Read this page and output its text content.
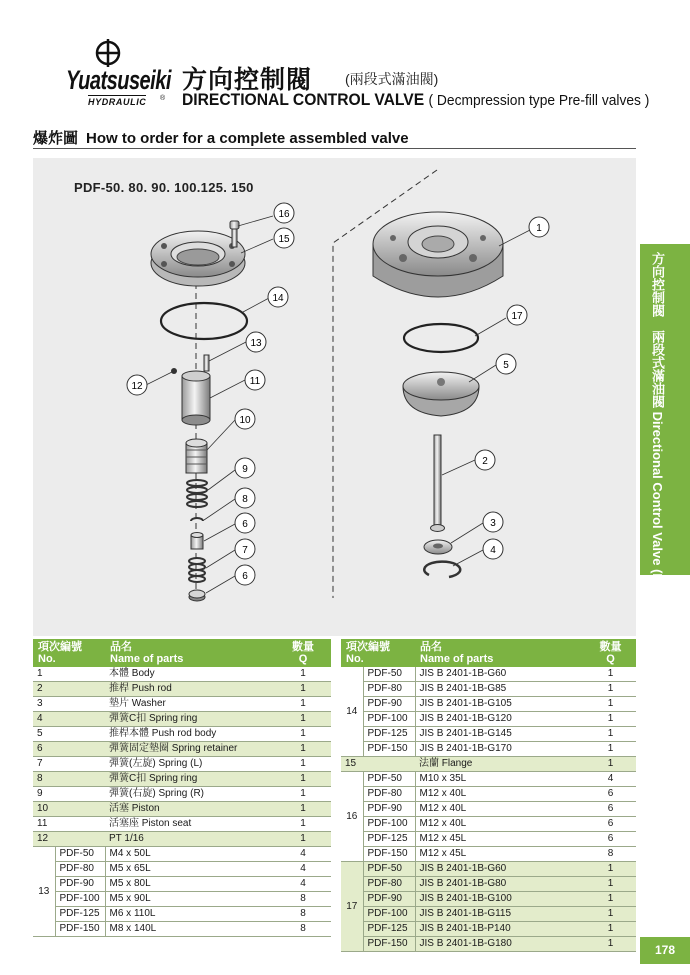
Yuatsuseiki
HYDRAULIC ®
方向控制閥 (兩段式滿油閥)
DIRECTIONAL CONTROL VALVE ( Decmpression type Pre-fill valves )
爆炸圖 How to order for a complete assembled valve
PDF-50. 80. 90. 100.125. 150
16
15
14
13
12	11
10
9
8
6
7
6
1
17
5
2
3
4	方向控制閥　兩段式滿油閥 Directional Control Valve (Decmpression type Pre-fill valves)
項次編號
No.		品名
Name of parts	數量
Q

1		本體 Body	1
2		推桿 Push rod	1
3		墊片 Washer	1
4		彈簧C扣 Spring ring	1
5		推桿本體 Push rod body	1
6		彈簧固定墊圈 Spring retainer	1
7		彈簧(左旋) Spring (L)	1
8		彈簧C扣 Spring ring	1
9		彈簧(右旋) Spring (R)	1
10		活塞 Piston	1
11		活塞座 Piston seat	1
12		PT 1/16	1
13	PDF-50	M4 x 50L	4
	PDF-80	M5 x 65L	4
	PDF-90	M5 x 80L	4
	PDF-100	M5 x 90L	8
	PDF-125	M6 x 110L	8
	PDF-150	M8 x 140L	8
項次編號
No.		品名
Name of parts	數量
Q

14	PDF-50	JIS B 2401-1B-G60	1
	PDF-80	JIS B 2401-1B-G85	1
	PDF-90	JIS B 2401-1B-G105	1
	PDF-100	JIS B 2401-1B-G120	1
	PDF-125	JIS B 2401-1B-G145	1
	PDF-150	JIS B 2401-1B-G170	1
15		法蘭 Flange	1
16	PDF-50	M10 x 35L	4
	PDF-80	M12 x 40L	6
	PDF-90	M12 x 40L	6
	PDF-100	M12 x 40L	6
	PDF-125	M12 x 45L	6
	PDF-150	M12 x 45L	8
17	PDF-50	JIS B 2401-1B-G60	1
	PDF-80	JIS B 2401-1B-G80	1
	PDF-90	JIS B 2401-1B-G100	1
	PDF-100	JIS B 2401-1B-G115	1
	PDF-125	JIS B 2401-1B-P140	1
	PDF-150	JIS B 2401-1B-G180	1	178
